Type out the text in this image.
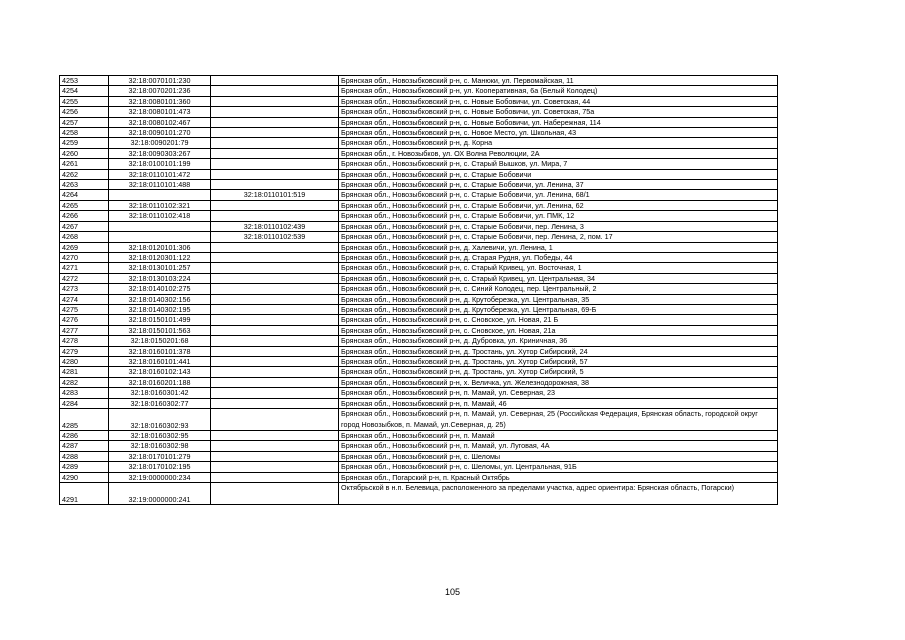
4253	32:18:0070101:230		Брянская обл., Новозыбковский р-н, с. Манюки, ул. Первомайская, 11
4254	32:18:0070201:236		Брянская обл., Новозыбковский р-н, ул. Кооперативная, 6а (Белый Колодец)
4255	32:18:0080101:360		Брянская обл., Новозыбковский р-н, с. Новые Бобовичи, ул. Советская, 44
4256	32:18:0080101:473		Брянская обл., Новозыбковский р-н, с. Новые Бобовичи, ул. Советская, 75а
4257	32:18:0080102:467		Брянская обл., Новозыбковский р-н, с. Новые Бобовичи, ул. Набережная, 114
4258	32:18:0090101:270		Брянская обл., Новозыбковский р-н, с. Новое Место, ул. Школьная, 43
4259	32:18:0090201:79		Брянская обл., Новозыбковский р-н, д. Корна
4260	32:18:0090303:267		Брянская обл., г. Новозыбков, ул. ОХ Волна Революции, 2А
4261	32:18:0100101:199		Брянская обл., Новозыбковский р-н, с. Старый Вышков, ул. Мира, 7
4262	32:18:0110101:472		Брянская обл., Новозыбковский р-н, с. Старые Бобовичи
4263	32:18:0110101:488		Брянская обл., Новозыбковский р-н, с. Старые Бобовичи, ул. Ленина, 37
4264		32:18:0110101:519	Брянская обл., Новозыбковский р-н, с. Старые Бобовичи, ул. Ленина, 68/1
4265	32:18:0110102:321		Брянская обл., Новозыбковский р-н, с. Старые Бобовичи, ул. Ленина, 62
4266	32:18:0110102:418		Брянская обл., Новозыбковский р-н, с. Старые Бобовичи, ул. ПМК, 12
4267		32:18:0110102:439	Брянская обл., Новозыбковский р-н, с. Старые Бобовичи, пер. Ленина, 3
4268		32:18:0110102:539	Брянская обл., Новозыбковский р-н, с. Старые Бобовичи, пер. Ленина, 2, пом. 17
4269	32:18:0120101:306		Брянская обл., Новозыбковский р-н, д. Халевичи, ул. Ленина, 1
4270	32:18:0120301:122		Брянская обл., Новозыбковский р-н, д. Старая Рудня, ул. Победы, 44
4271	32:18:0130101:257		Брянская обл., Новозыбковский р-н, с. Старый Кривец, ул. Восточная, 1
4272	32:18:0130103:224		Брянская обл., Новозыбковский р-н, с. Старый Кривец, ул. Центральная, 34
4273	32:18:0140102:275		Брянская обл., Новозыбковский р-н, с. Синий Колодец, пер. Центральный, 2
4274	32:18:0140302:156		Брянская обл., Новозыбковский р-н, д. Крутоберезка, ул. Центральная, 35
4275	32:18:0140302:195		Брянская обл., Новозыбковский р-н, д. Крутоберезка, ул. Центральная, 69-Б
4276	32:18:0150101:499		Брянская обл., Новозыбковский р-н, с. Сновское, ул. Новая, 21 Б
4277	32:18:0150101:563		Брянская обл., Новозыбковский р-н, с. Сновское, ул. Новая, 21а
4278	32:18:0150201:68		Брянская обл., Новозыбковский р-н, д. Дубровка, ул. Криничная, 36
4279	32:18:0160101:378		Брянская обл., Новозыбковский р-н, д. Тростань, ул. Хутор Сибирский, 24
4280	32:18:0160101:441		Брянская обл., Новозыбковский р-н, д. Тростань, ул. Хутор Сибирский, 57
4281	32:18:0160102:143		Брянская обл., Новозыбковский р-н, д. Тростань, ул. Хутор Сибирский, 5
4282	32:18:0160201:188		Брянская обл., Новозыбковский р-н, х. Величка, ул. Железнодорожная, 38
4283	32:18:0160301:42		Брянская обл., Новозыбковский р-н, п. Мамай, ул. Северная, 23
4284	32:18:0160302:77		Брянская обл., Новозыбковский р-н, п. Мамай, 46
4285	32:18:0160302:93		Брянская обл., Новозыбковский р-н, п. Мамай, ул. Северная, 25 (Российская Федерация, Брянская область, городской округ город Новозыбков, п. Мамай, ул.Северная, д. 25)
4286	32:18:0160302:95		Брянская обл., Новозыбковский р-н, п. Мамай
4287	32:18:0160302:98		Брянская обл., Новозыбковский р-н, п. Мамай, ул. Луговая, 4А
4288	32:18:0170101:279		Брянская обл., Новозыбковский р-н, с. Шеломы
4289	32:18:0170102:195		Брянская обл., Новозыбковский р-н, с. Шеломы, ул. Центральная, 91Б
4290	32:19:0000000:234		Брянская обл., Погарский р-н, п. Красный Октябрь
4291	32:19:0000000:241		Октябрьской в н.п. Белевица, расположенного за пределами участка, адрес ориентира: Брянская область, Погарски)
105
